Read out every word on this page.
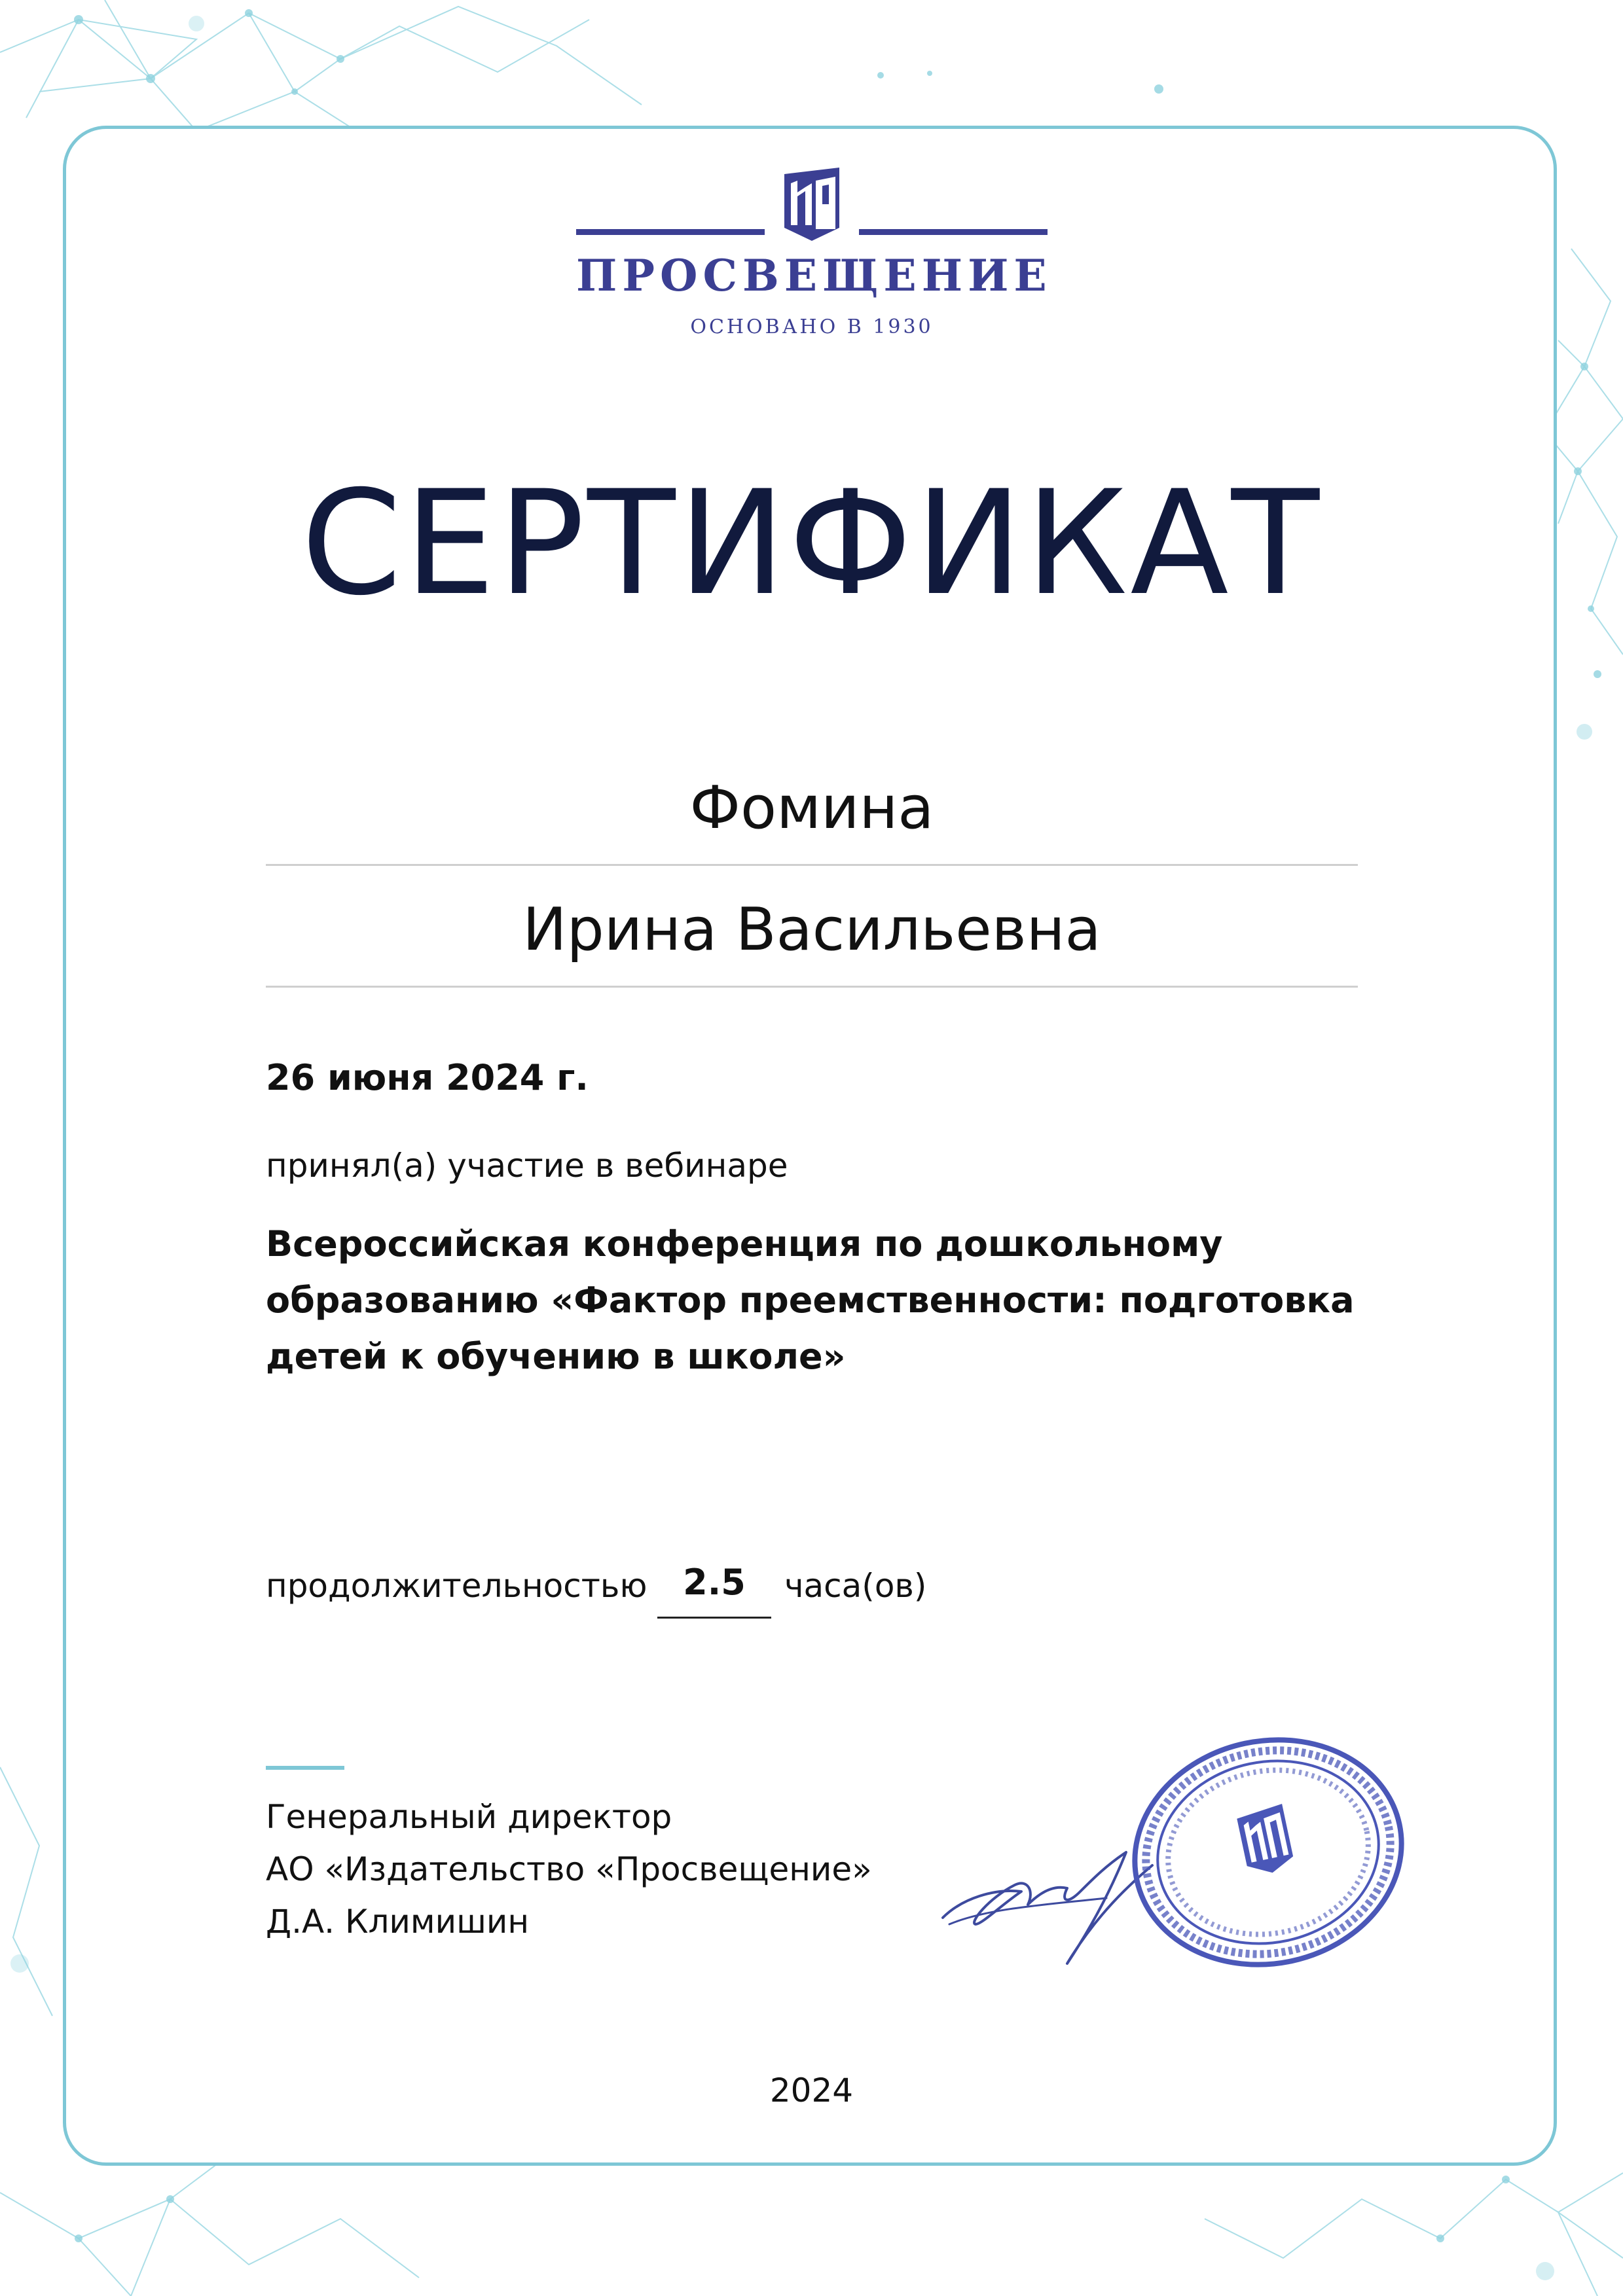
ПРОСВЕЩЕНИЕ
ОСНОВАНО В 1930
СЕРТИФИКАТ
Фомина
Ирина Васильевна
26 июня 2024 г.
принял(а) участие в вебинаре
Всероссийская конференция по дошкольному
образованию «Фактор преемственности: подготовка
детей к обучению в школе»
продолжительностью	2.5	часа(ов)
Генеральный директор
АО «Издательство «Просвещение»
Д.А. Климишин
2024
